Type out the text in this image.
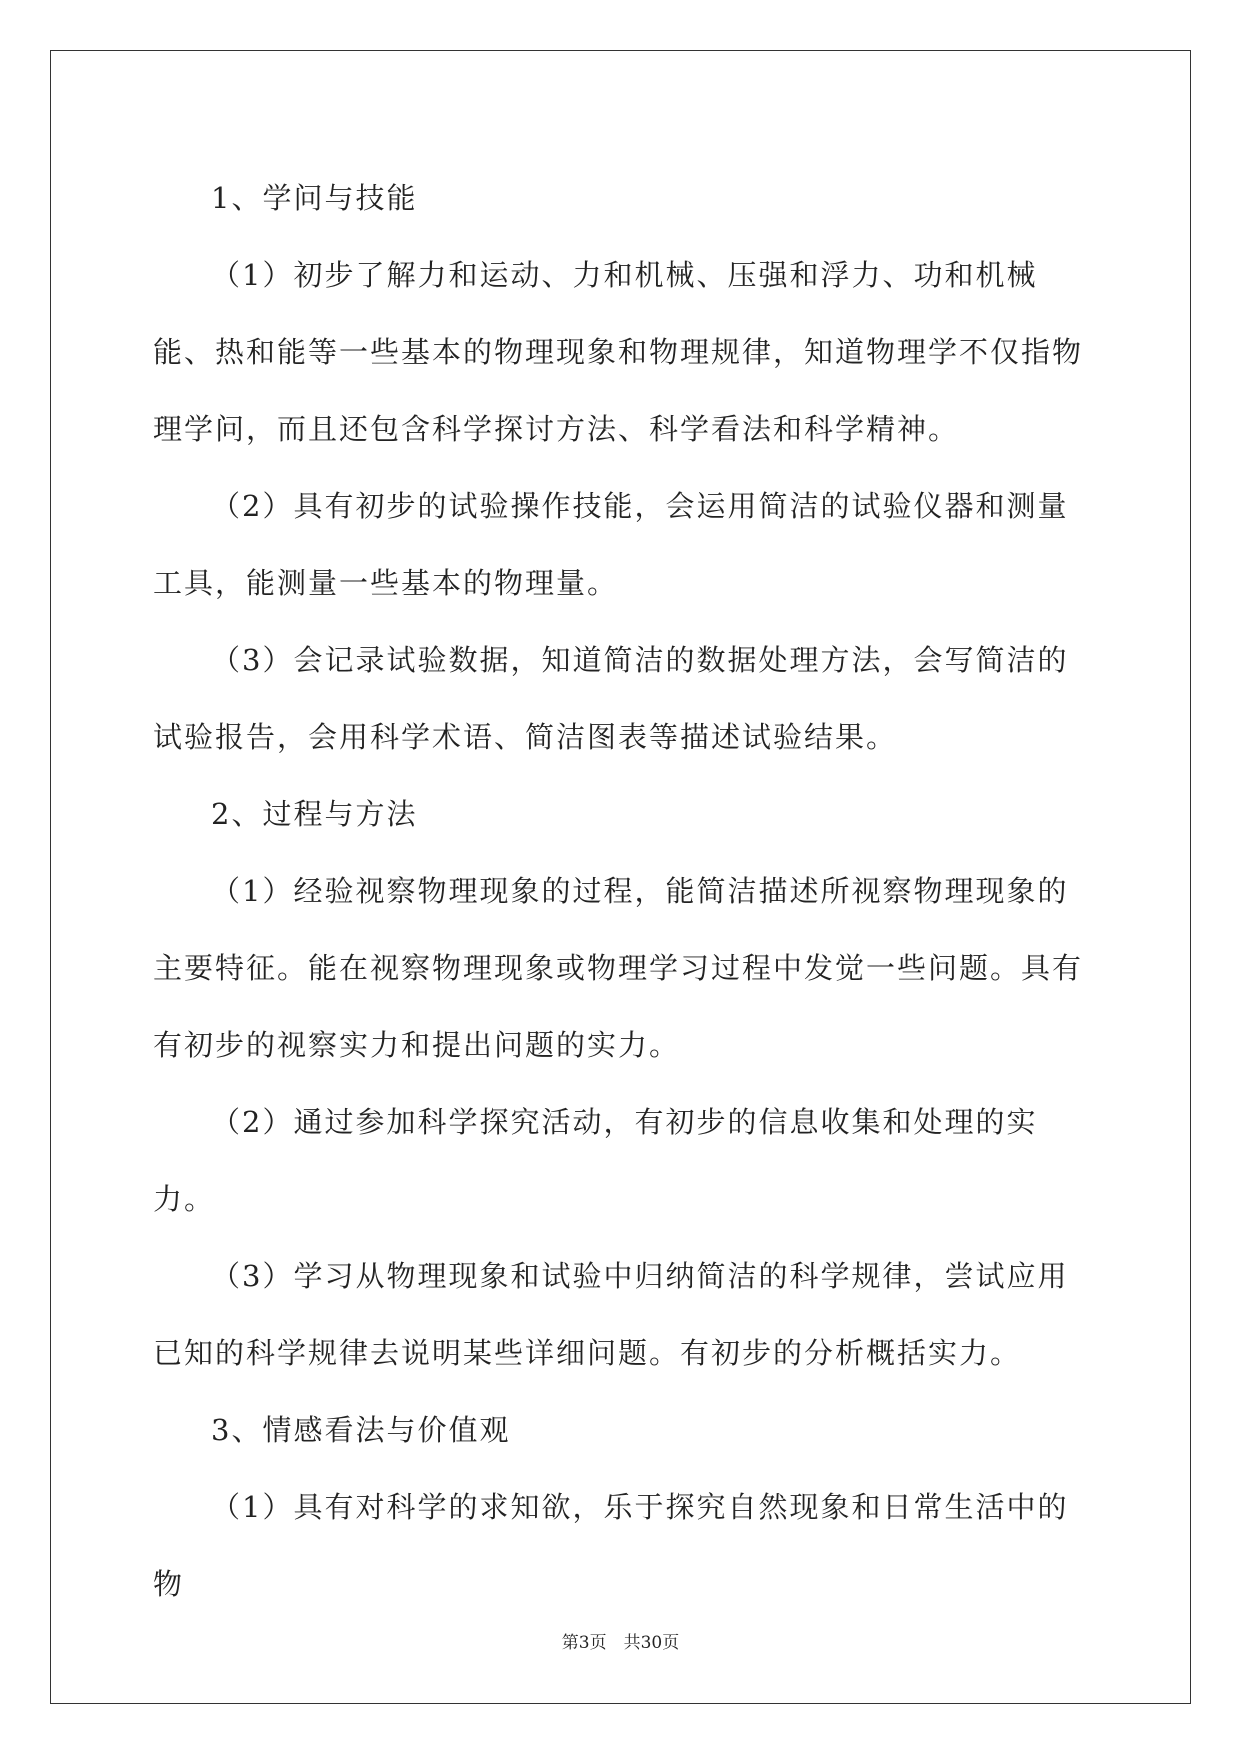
1、学问与技能

（1）初步了解力和运动、力和机械、压强和浮力、功和机械能、热和能等一些基本的物理现象和物理规律，知道物理学不仅指物理学问，而且还包含科学探讨方法、科学看法和科学精神。

（2）具有初步的试验操作技能，会运用简洁的试验仪器和测量工具，能测量一些基本的物理量。

（3）会记录试验数据，知道简洁的数据处理方法，会写简洁的试验报告，会用科学术语、简洁图表等描述试验结果。

2、过程与方法

（1）经验视察物理现象的过程，能简洁描述所视察物理现象的主要特征。能在视察物理现象或物理学习过程中发觉一些问题。具有有初步的视察实力和提出问题的实力。

（2）通过参加科学探究活动，有初步的信息收集和处理的实力。

（3）学习从物理现象和试验中归纳简洁的科学规律，尝试应用已知的科学规律去说明某些详细问题。有初步的分析概括实力。

3、情感看法与价值观

（1）具有对科学的求知欲，乐于探究自然现象和日常生活中的物

第3页　共30页
